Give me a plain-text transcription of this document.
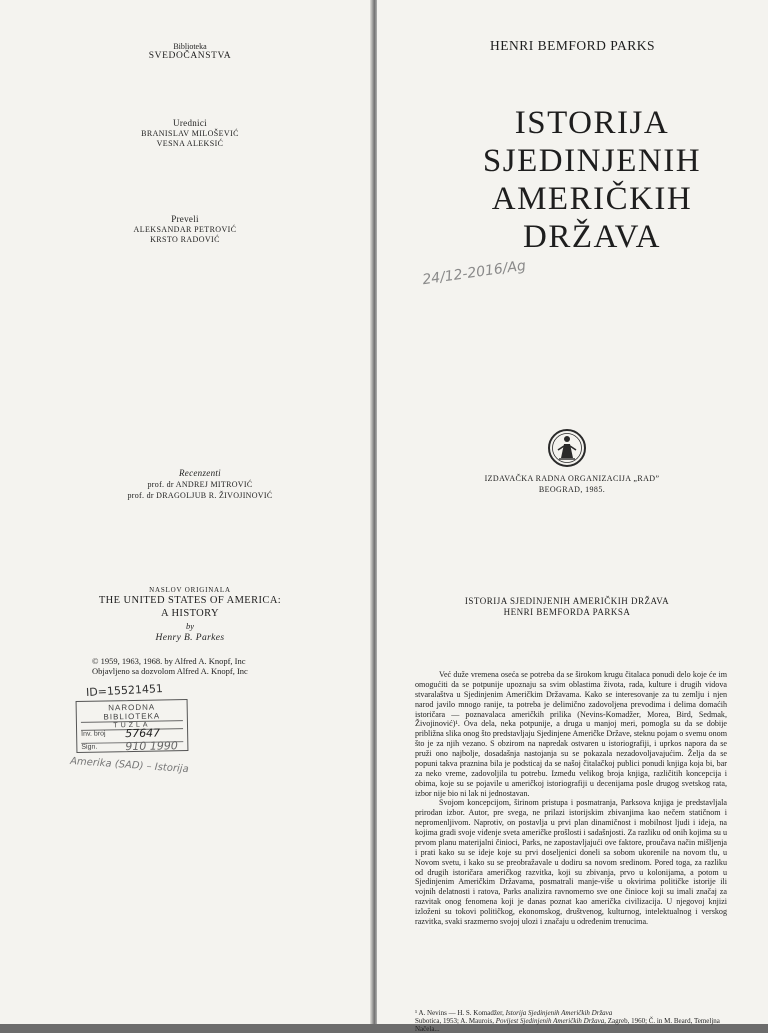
Biblioteka
SVEDOČANSTVA
Urednici
BRANISLAV MILOŠEVIĆ
VESNA ALEKSIĆ
Preveli
ALEKSANDAR PETROVIĆ
KRSTO RADOVIĆ
Recenzenti
prof. dr ANDREJ MITROVIĆ
prof. dr DRAGOLJUB R. ŽIVOJINOVIĆ
NASLOV ORIGINALA
THE UNITED STATES OF AMERICA:
A HISTORY
by
Henry B. Parkes
© 1959, 1963, 1968. by Alfred A. Knopf, Inc
Objavljeno sa dozvolom Alfred A. Knopf, Inc
ID=15521451
NARODNA BIBLIOTEKA
TUZLA
Inv. broj 57647
Sign.	910 1990
Amerika (SAD) – Istorija
HENRI BEMFORD PARKS
ISTORIJA
SJEDINJENIH
AMERIČKIH
DRŽAVA
24/12-2016/Ag
IZDAVAČKA RADNA ORGANIZACIJA „RAD”
BEOGRAD, 1985.
ISTORIJA SJEDINJENIH AMERIČKIH DRŽAVA
HENRI BEMFORDA PARKSA

Već duže vremena oseća se potreba da se širokom krugu čitalaca ponudi delo koje će im omogućiti da se potpunije upoznaju sa svim oblastima života, rada, kulture i drugih vidova stvaralaštva u Sjedinjenim Američkim Državama. Kako se interesovanje za tu zemlju i njen narod javilo mnogo ranije, ta potreba je delimično zadovoljena prevodima i delima domaćih istoričara — poznavalaca američkih prilika (Nevins-Komadžer, Morea, Bird, Sedmak, Živojinović)¹. Ova dela, neka potpunije, a druga u manjoj meri, pomogla su da se dobije približna slika onog što predstavljaju Sjedinjene Američke Države, steknu pojam o svemu onom što je za njih vezano. S obzirom na napredak ostvaren u istoriografiji, i uprkos napora da se pruži ono najbolje, dosadašnja nastojanja su se pokazala nezadovoljavajućim. Želja da se popuni takva praznina bila je podsticaj da se našoj čitalačkoj publici ponudi knjiga koja bi, bar za neko vreme, zadovoljila tu potrebu. Između velikog broja knjiga, različitih koncepcija i obima, koje su se pojavile u američkoj istoriografiji u decenijama posle drugog svetskog rata, izbor nije bio ni lak ni jednostavan.

Svojom koncepcijom, širinom pristupa i posmatranja, Parksova knjiga je predstavljala prirodan izbor. Autor, pre svega, ne prilazi istorijskim zbivanjima kao nečem statičnom i nepromenljivom. Naprotiv, on postavlja u prvi plan dinamičnost i mobilnost ljudi i ideja, na kojima gradi svoje viđenje sveta američke prošlosti i sadašnjosti. Za razliku od onih kojima su u prvom planu materijalni činioci, Parks, ne zapostavljajući ove faktore, proučava način mišljenja i prati kako su se ideje koje su prvi doseljenici doneli sa sobom ukorenile na novom tlu, u Novom svetu, i kako su se preobražavale u dodiru sa novom sredinom. Pored toga, za razliku od drugih istoričara američkog razvitka, koji su zbivanja, prvo u kolonijama, a potom u Sjedinjenim Američkim Državama, posmatrali manje-više u okvirima političke istorije ili vojnih delatnosti i ratova, Parks analizira ravnomerno sve one činioce koji su imali značaj za razvitak onog fenomena koji je danas poznat kao američka civilizacija. U njegovoj knjizi izloženi su tokovi političkog, ekonomskog, društvenog, kulturnog, intelektualnog i verskog razvitka, svaki srazmerno svojoj ulozi i značaju u određenim trenucima.

¹ A. Nevins — H. S. Komadžer, Istorija Sjedinjenih Američkih Država
Subotica, 1953; A. Maurois, Povijest Sjedinjenih Američkih Država, Zagreb, 1960; Č. in M. Beard, Temeljna Načela...
